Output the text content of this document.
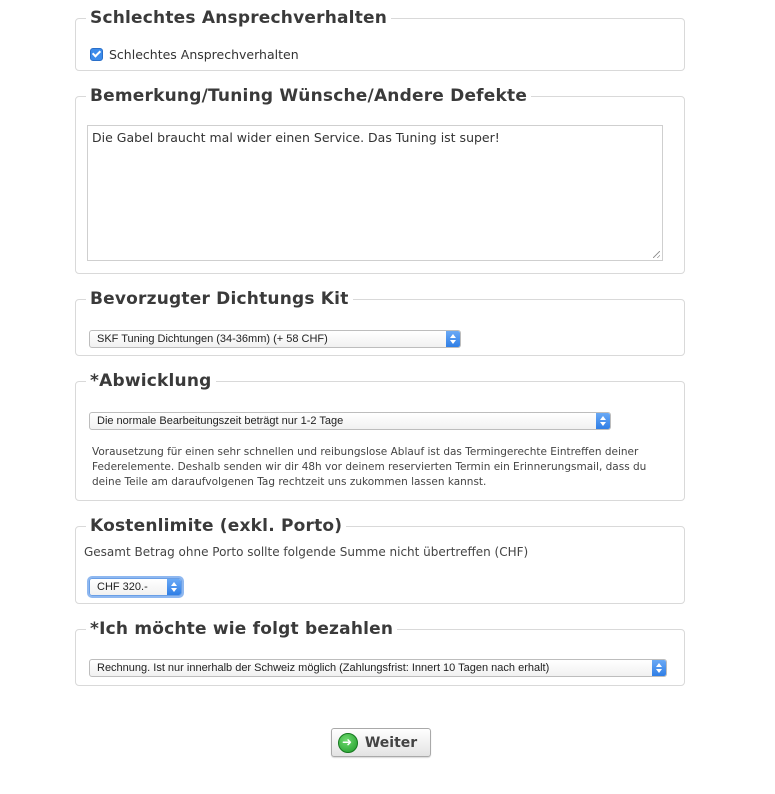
Schlechtes Ansprechverhalten
Schlechtes Ansprechverhalten
Bemerkung/Tuning Wünsche/Andere Defekte
Die Gabel braucht mal wider einen Service. Das Tuning ist super!
Bevorzugter Dichtungs Kit
SKF Tuning Dichtungen (34-36mm) (+ 58 CHF)
*Abwicklung
Die normale Bearbeitungszeit beträgt nur 1-2 Tage
Vorausetzung für einen sehr schnellen und reibungslose Ablauf ist das Termingerechte Eintreffen deiner Federelemente. Deshalb senden wir dir 48h vor deinem reservierten Termin ein Erinnerungsmail, dass du deine Teile am daraufvolgenen Tag rechtzeit uns zukommen lassen kannst.
Kostenlimite (exkl. Porto)
Gesamt Betrag ohne Porto sollte folgende Summe nicht übertreffen (CHF)
CHF 320.-
*Ich möchte wie folgt bezahlen
Rechnung. Ist nur innerhalb der Schweiz möglich (Zahlungsfrist: Innert 10 Tagen nach erhalt)
➜
Weiter
